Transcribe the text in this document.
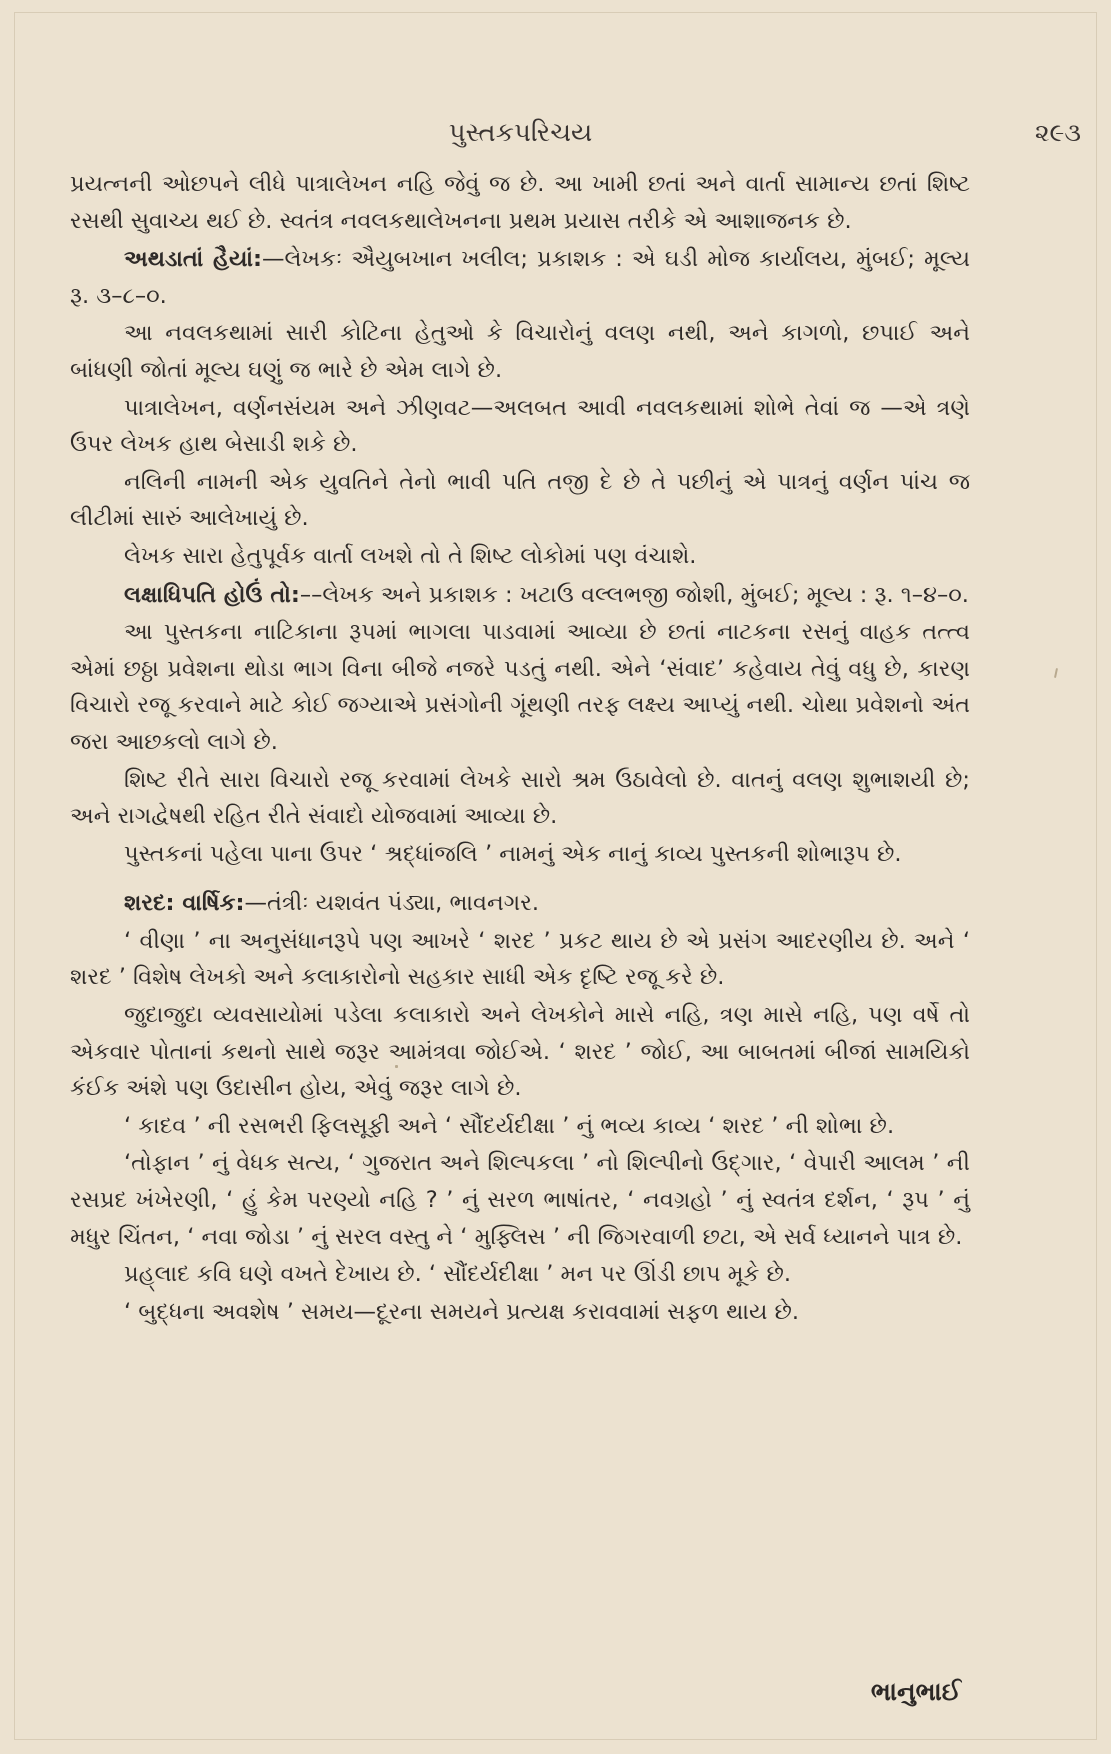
પુસ્તકપરિચય	૨૯૩

પ્રયત્નની ઓછપને લીધે પાત્રાલેખન નહિ જેવું જ છે. આ ખામી છતાં અને વાર્તા સામાન્ય છતાં શિષ્ટ રસથી સુવાચ્ય થઈ છે. સ્વતંત્ર નવલકથાલેખનના પ્રથમ પ્રયાસ તરીકે એ આશાજનક છે.

અથડાતાં હૈયાં:—લેખકઃ ઐયુબખાન ખલીલ; પ્રકાશક : એ ઘડી મોજ કાર્યાલય, મુંબઈ; મૂલ્ય રૂ. ૩–૮–૦.

આ નવલકથામાં સારી કોટિના હેતુઓ કે વિચારોનું વલણ નથી, અને કાગળો, છપાઈ અને બાંધણી જોતાં મૂલ્ય ઘણું જ ભારે છે એમ લાગે છે.

પાત્રાલેખન, વર્ણનસંયમ અને ઝીણવટ—અલબત આવી નવલકથામાં શોભે તેવાં જ —એ ત્રણે ઉપર લેખક હાથ બેસાડી શકે છે.

નલિની નામની એક યુવતિને તેનો ભાવી પતિ તજી દે છે તે પછીનું એ પાત્રનું વર્ણન પાંચ જ લીટીમાં સારું આલેખાયું છે.

લેખક સારા હેતુપૂર્વક વાર્તા લખશે તો તે શિષ્ટ લોકોમાં પણ વંચાશે.

લક્ષાધિપતિ હોઉં તો:––લેખક અને પ્રકાશક : ખટાઉ વલ્લભજી જોશી, મુંબઈ; મૂલ્ય : રૂ. ૧–૪–૦.

આ પુસ્તકના નાટિકાના રૂપમાં ભાગલા પાડવામાં આવ્યા છે છતાં નાટકના રસનું વાહક તત્ત્વ એમાં છઠ્ઠા પ્રવેશના થોડા ભાગ વિના બીજે નજરે પડતું નથી. એને ‘સંવાદ’ કહેવાય તેવું વધુ છે, કારણ વિચારો રજૂ કરવાને માટે કોઈ જગ્યાએ પ્રસંગોની ગૂંથણી તરફ લક્ષ્ય આપ્યું નથી. ચોથા પ્રવેશનો અંત જરા આછકલો લાગે છે.

શિષ્ટ રીતે સારા વિચારો રજૂ કરવામાં લેખકે સારો શ્રમ ઉઠાવેલો છે. વાતનું વલણ શુભાશયી છે; અને રાગદ્વેષથી રહિત રીતે સંવાદો યોજવામાં આવ્યા છે.

પુસ્તકનાં પહેલા પાના ઉપર ‘ શ્રદ્ધાંજલિ ’ નામનું એક નાનું કાવ્ય પુસ્તકની શોભારૂપ છે.

શરદ: વાર્ષિક:—તંત્રીઃ યશવંત પંડ્યા, ભાવનગર.

‘ વીણા ’ ના અનુસંધાનરૂપે પણ આખરે ‘ શરદ ’ પ્રકટ થાય છે એ પ્રસંગ આદરણીય છે. અને ‘ શરદ ’ વિશેષ લેખકો અને કલાકારોનો સહકાર સાધી એક દૃષ્ટિ રજૂ કરે છે.

જુદાજુદા વ્યવસાયોમાં પડેલા કલાકારો અને લેખકોને માસે નહિ, ત્રણ માસે નહિ, પણ વર્ષે તો એકવાર પોતાનાં કથનો સાથે જરૂર આમંત્રવા જોઈએ. ‘ શરદ ’ જોઈ, આ બાબતમાં બીજાં સામયિકો કંઈક અંશે પણ ઉદાસીન હોય, એવું જરૂર લાગે છે.

‘ કાદવ ’ ની રસભરી ફિલસૂફી અને ‘ સૌંદર્યદીક્ષા ’ નું ભવ્ય કાવ્ય ‘ શરદ ’ ની શોભા છે.

‘તોફાન ’ નું વેધક સત્ય, ‘ ગુજરાત અને શિલ્પકલા ’ નો શિલ્પીનો ઉદ્‌ગાર, ‘ વેપારી આલમ ’ ની રસપ્રદ ખંખેરણી, ‘ હું કેમ પરણ્યો નહિ ? ’ નું સરળ ભાષાંતર, ‘ નવગ્રહો ’ નું સ્વતંત્ર દર્શન, ‘ રૂપ ’ નું મધુર ચિંતન, ‘ નવા જોડા ’ નું સરલ વસ્તુ ને ‘ મુફ્લિસ ’ ની જિગરવાળી છટા, એ સર્વ ધ્યાનને પાત્ર છે.

પ્રહ્‌લાદ કવિ ઘણે વખતે દેખાય છે. ‘ સૌંદર્યદીક્ષા ’ મન પર ઊંડી છાપ મૂકે છે.

‘ બુદ્ધના અવશેષ ’ સમય—દૂરના સમયને પ્રત્યક્ષ કરાવવામાં સફળ થાય છે.

ભાનુભાઈ
